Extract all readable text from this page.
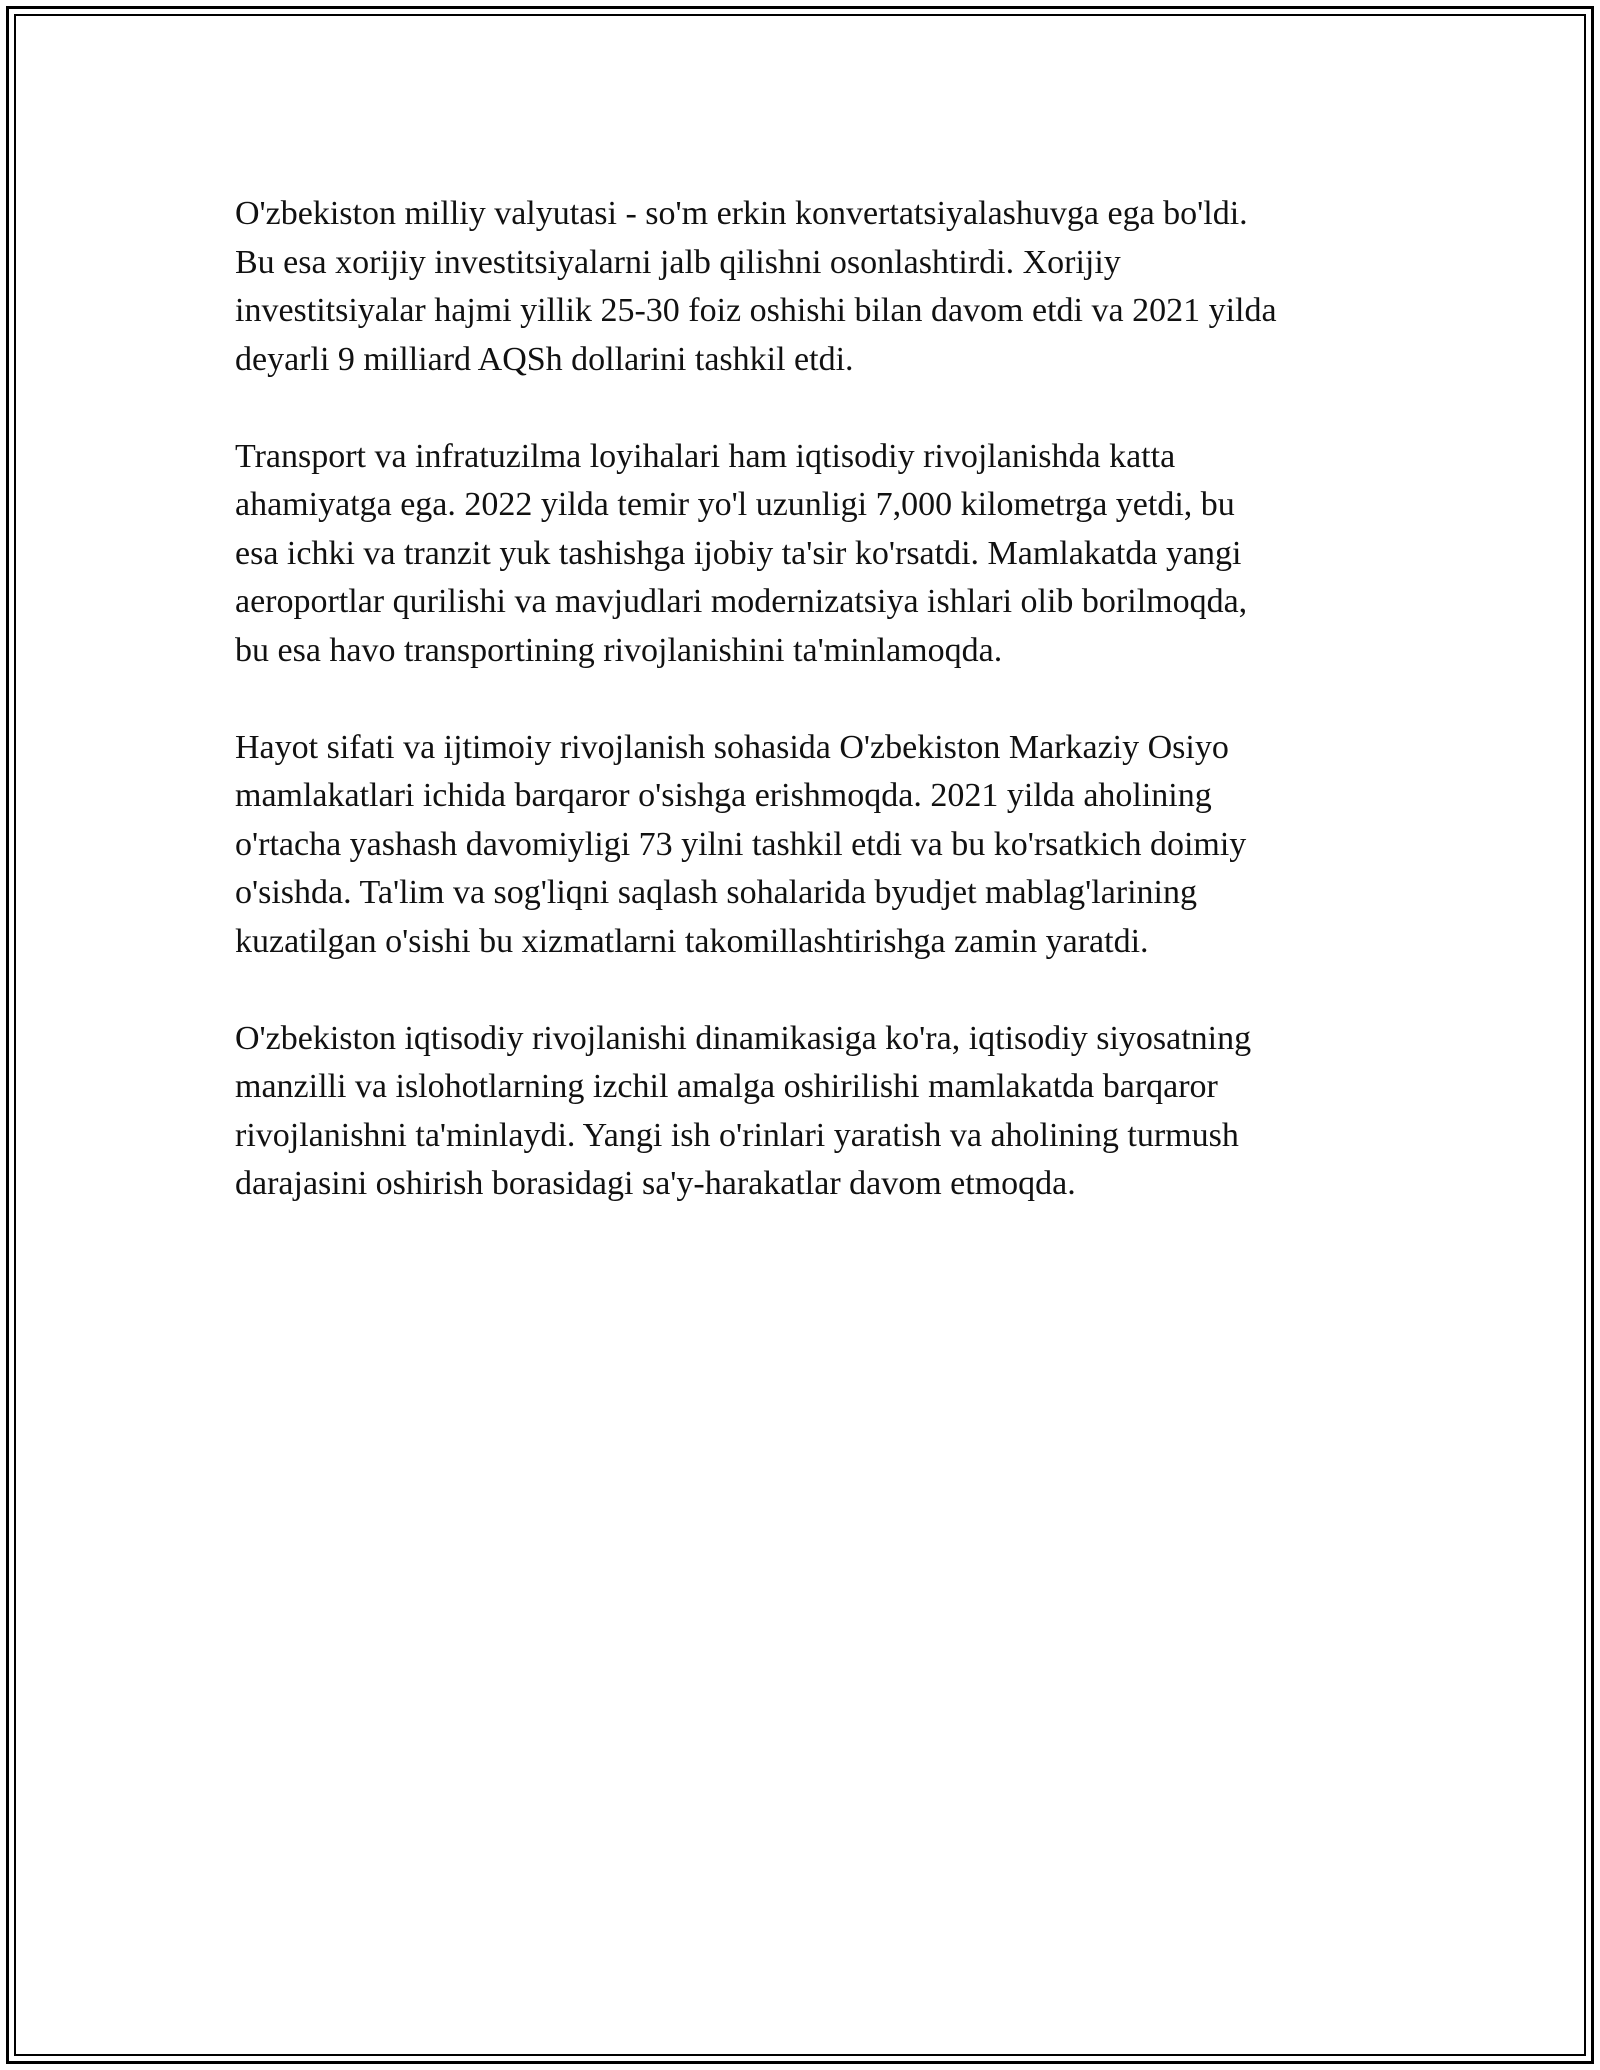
O'zbekiston milliy valyutasi - so'm erkin konvertatsiyalashuvga ega bo'ldi.
Bu esa xorijiy investitsiyalarni jalb qilishni osonlashtirdi. Xorijiy
investitsiyalar hajmi yillik 25-30 foiz oshishi bilan davom etdi va 2021 yilda
deyarli 9 milliard AQSh dollarini tashkil etdi.

Transport va infratuzilma loyihalari ham iqtisodiy rivojlanishda katta
ahamiyatga ega. 2022 yilda temir yo'l uzunligi 7,000 kilometrga yetdi, bu
esa ichki va tranzit yuk tashishga ijobiy ta'sir ko'rsatdi. Mamlakatda yangi
aeroportlar qurilishi va mavjudlari modernizatsiya ishlari olib borilmoqda,
bu esa havo transportining rivojlanishini ta'minlamoqda.

Hayot sifati va ijtimoiy rivojlanish sohasida O'zbekiston Markaziy Osiyo
mamlakatlari ichida barqaror o'sishga erishmoqda. 2021 yilda aholining
o'rtacha yashash davomiyligi 73 yilni tashkil etdi va bu ko'rsatkich doimiy
o'sishda. Ta'lim va sog'liqni saqlash sohalarida byudjet mablag'larining
kuzatilgan o'sishi bu xizmatlarni takomillashtirishga zamin yaratdi.

O'zbekiston iqtisodiy rivojlanishi dinamikasiga ko'ra, iqtisodiy siyosatning
manzilli va islohotlarning izchil amalga oshirilishi mamlakatda barqaror
rivojlanishni ta'minlaydi. Yangi ish o'rinlari yaratish va aholining turmush
darajasini oshirish borasidagi sa'y-harakatlar davom etmoqda.
